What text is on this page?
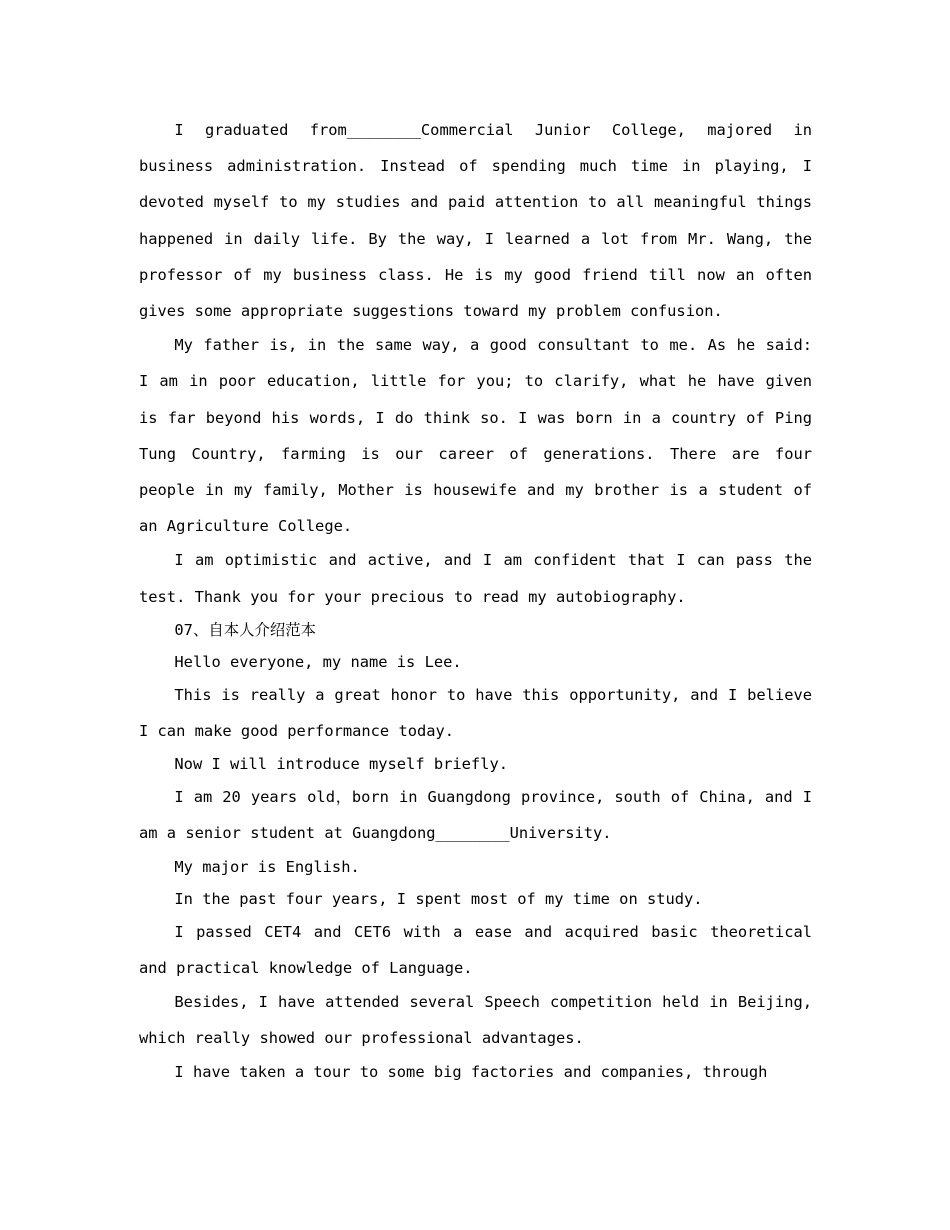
I graduated from________Commercial Junior College, majored in business administration. Instead of spending much time in playing, I devoted myself to my studies and paid attention to all meaningful things happened in daily life. By the way, I learned a lot from Mr. Wang, the professor of my business class. He is my good friend till now an often gives some appropriate suggestions toward my problem confusion.

My father is, in the same way, a good consultant to me. As he said: I am in poor education, little for you; to clarify, what he have given is far beyond his words, I do think so. I was born in a country of Ping Tung Country, farming is our career of generations. There are four people in my family, Mother is housewife and my brother is a student of an Agriculture College.

I am optimistic and active, and I am confident that I can pass the test. Thank you for your precious to read my autobiography.

07、自本人介绍范本

Hello everyone, my name is Lee.

This is really a great honor to have this opportunity, and I believe I can make good performance today.

Now I will introduce myself briefly.

I am 20 years old，born in Guangdong province, south of China, and I am a senior student at Guangdong________University.

My major is English.

In the past four years, I spent most of my time on study.

I passed CET4 and CET6 with a ease and acquired basic theoretical and practical knowledge of Language.

Besides, I have attended several Speech competition held in Beijing, which really showed our professional advantages.

I have taken a tour to some big factories and companies, through
